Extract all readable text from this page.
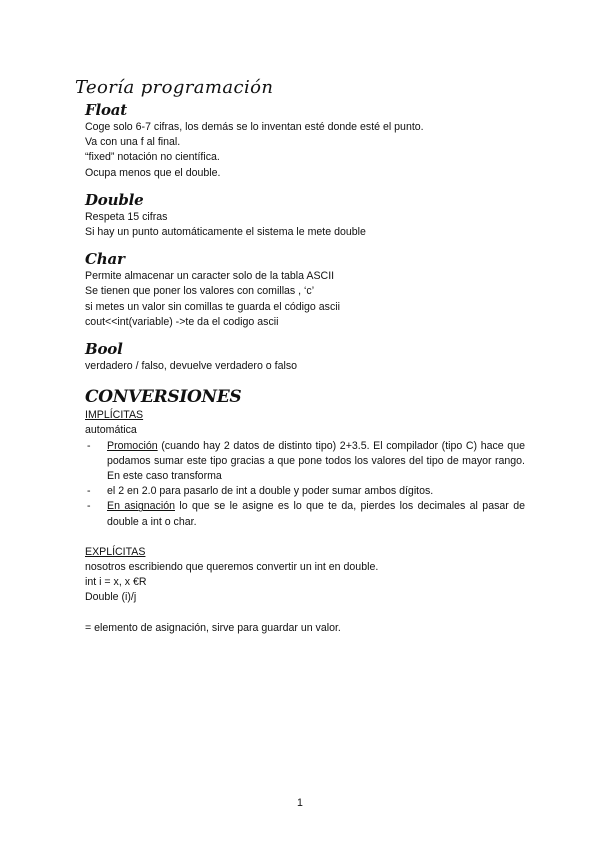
Teoría programación
Float
Coge solo 6-7 cifras, los demás se lo inventan esté donde esté el punto.
Va con una f al final.
“fixed” notación no científica.
Ocupa menos que el double.
Double
Respeta 15 cifras
Si hay un punto automáticamente el sistema le mete double
Char
Permite almacenar un caracter solo de la tabla ASCII
Se tienen que poner los valores con comillas , ‘c’
si metes un valor sin comillas te guarda el código ascii
cout<<int(variable) ->te da el codigo ascii
Bool
verdadero / falso, devuelve verdadero o falso
CONVERSIONES
IMPLÍCITAS
automática
- Promoción (cuando hay 2 datos de distinto tipo) 2+3.5. El compilador (tipo C) hace que podamos sumar este tipo gracias a que pone todos los valores del tipo de mayor rango. En este caso transforma
- el 2 en 2.0 para pasarlo de int a double y poder sumar ambos dígitos.
- En asignación lo que se le asigne es lo que te da, pierdes los decimales al pasar de double a int o char.
EXPLÍCITAS
nosotros escribiendo que queremos convertir un int en double.
int i = x, x €R
Double (i)/j
= elemento de asignación, sirve para guardar un valor.
1
